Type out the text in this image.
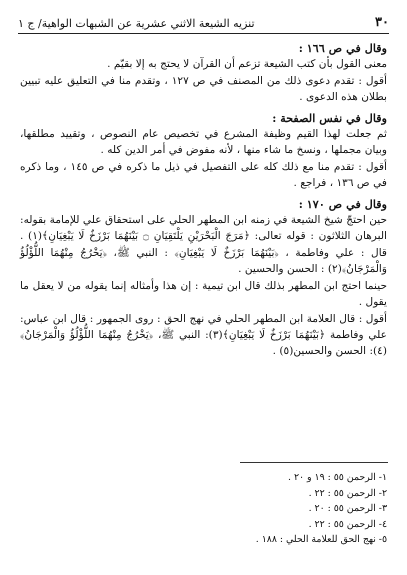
٣٠
تنزيه الشيعة الاثني عشرية عن الشبهات الواهية/ ج ١

وقال في ص ١٦٦ :

معنى القول بأن كتب الشيعة تزعم أن القرآن لا يحتج به إلا بقيّم .

أقول : تقدم دعوى ذلك من المصنف في ص ١٢٧ ، وتقدم منا في التعليق عليه تبيين بطلان هذه الدعوى .

وقال في نفس الصفحة :

ثم جعلت لهذا القيم وظيفة المشرع في تخصيص عام النصوص ، وتقييد مطلقها، وبيان مجملها ، ونسخ ما شاء منها ، لأنه مفوض في أمر الدين كله .

أقول : تقدم منا مع ذلك كله على التفصيل في ذيل ما ذكره في ص ١٤٥ ، وما ذكره في ص ١٣٦ ، فراجع .

وقال في ص ١٧٠ :

حين احتجّ شيخ الشيعة في زمنه ابن المطهر الحلي على استحقاق علي للإمامة بقوله: البرهان الثلاثون : قوله تعالى: ﴿مَرَجَ الْبَحْرَيْنِ يَلْتَقِيَانِ ۝ بَيْنَهُمَا بَرْزَخٌ لَا يَبْغِيَانِ﴾(١) . قال : علي وفاطمة ، ﴿بَيْنَهُمَا بَرْزَخٌ لَا يَبْغِيَانِ﴾ : النبي ﷺ، ﴿يَخْرُجُ مِنْهُمَا اللُّؤْلُؤُ وَالْمَرْجَانُ﴾(٢) : الحسن والحسين .

حينما احتج ابن المطهر بذلك قال ابن تيمية : إن هذا وأمثاله إنما يقوله من لا يعقل ما يقول .

أقول : قال العلامة ابن المطهر الحلي في نهج الحق : روى الجمهور : قال ابن عباس: علي وفاطمة ﴿بَيْنَهُمَا بَرْزَخٌ لَا يَبْغِيَانِ﴾(٣): النبي ﷺ، ﴿يَخْرُجُ مِنْهُمَا اللُّؤْلُؤُ وَالْمَرْجَانُ﴾(٤): الحسن والحسين(٥) .

١- الرحمن ٥٥ : ١٩ و ٢٠ .
٢- الرحمن ٥٥ : ٢٢ .
٣- الرحمن ٥٥ : ٢٠ .
٤- الرحمن ٥٥ : ٢٢ .
٥- نهج الحق للعلامة الحلي : ١٨٨ .
